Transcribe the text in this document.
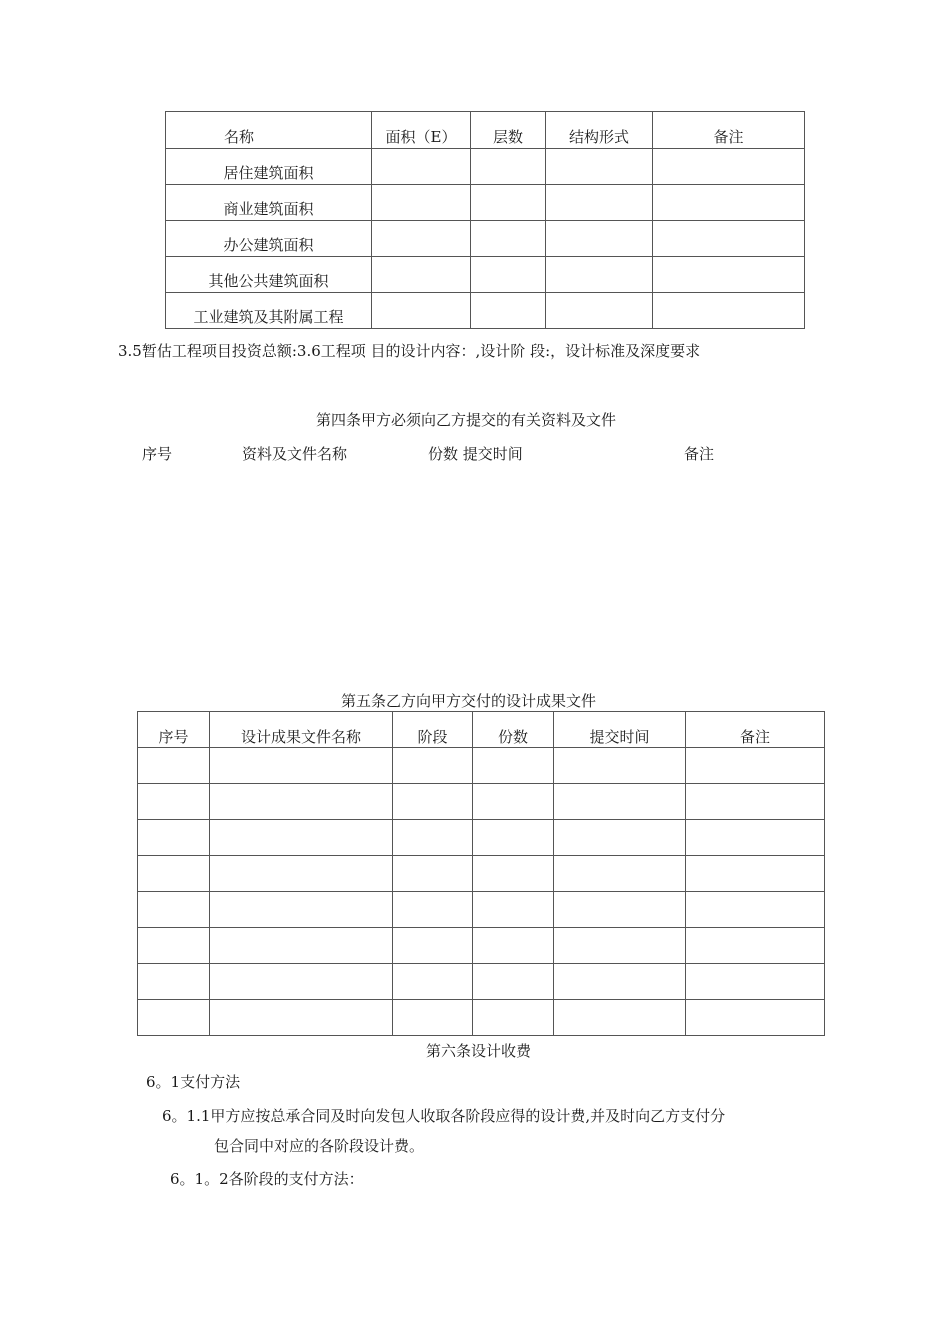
名称	面积（E）	层数	结构形式	备注
居住建筑面积				
商业建筑面积				
办公建筑面积				
其他公共建筑面积				
工业建筑及其附属工程				
3.5暂估工程项目投资总额:3.6工程项 目的设计内容：,设计阶 段:，设计标准及深度要求
第四条甲方必须向乙方提交的有关资料及文件
序号	资料及文件名称	份数 提交时间	备注
第五条乙方向甲方交付的设计成果文件
序号	设计成果文件名称	阶段	份数	提交时间	备注

第六条设计收费
6。1支付方法
6。1.1甲方应按总承合同及时向发包人收取各阶段应得的设计费,并及时向乙方支付分
包合同中对应的各阶段设计费。
6。1。2各阶段的支付方法：
